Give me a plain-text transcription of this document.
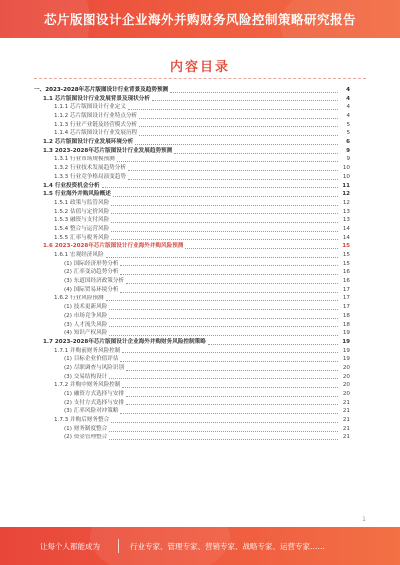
芯片版图设计企业海外并购财务风险控制策略研究报告
内容目录
一、2023-2028年芯片版图设计行业背景及趋势预测	4
1.1 芯片版图设计行业发展背景及现状分析	4
1.1.1 芯片版图设计行业定义	4
1.1.2 芯片版图设计行业特点分析	4
1.1.3 行业产业链及经营模式分析	5
1.1.4 芯片版图设计行业发展历程	5
1.2 芯片版图设计行业发展环境分析	6
1.3 2023-2028年芯片版图设计行业发展趋势预测	9
1.3.1 行业市场规模预测	9
1.3.2 行业技术发展趋势分析	10
1.3.3 行业竞争格局演变趋势	10
1.4 行业投资机会分析	11
1.5 行业海外并购风险概述	12
1.5.1 政策与监管风险	12
1.5.2 估值与定价风险	13
1.5.3 融资与支付风险	13
1.5.4 整合与运营风险	14
1.5.5 汇率与税务风险	14
1.6 2023-2028年芯片版图设计行业海外并购风险预测	15
1.6.1 宏观经济风险	15
(1) 国际经济形势分析	15
(2) 汇率变动趋势分析	16
(3) 东道国经济政策分析	16
(4) 国际贸易环境分析	17
1.6.2 行业风险预测	17
(1) 技术更新风险	17
(2) 市场竞争风险	18
(3) 人才流失风险	18
(4) 知识产权风险	19
1.7 2023-2028年芯片版图设计企业海外并购财务风险控制策略	19
1.7.1 并购前财务风险控制	19
(1) 目标企业价值评估	19
(2) 尽职调查与风险识别	20
(3) 交易结构设计	20
1.7.2 并购中财务风险控制	20
(1) 融资方式选择与安排	20
(2) 支付方式选择与安排	21
(3) 汇率风险对冲策略	21
1.7.3 并购后财务整合	21
(1) 财务制度整合	21
(2) 资金管理整合	21
1
让每个人都能成为	行业专家、管理专家、营销专家、战略专家、运营专家……
